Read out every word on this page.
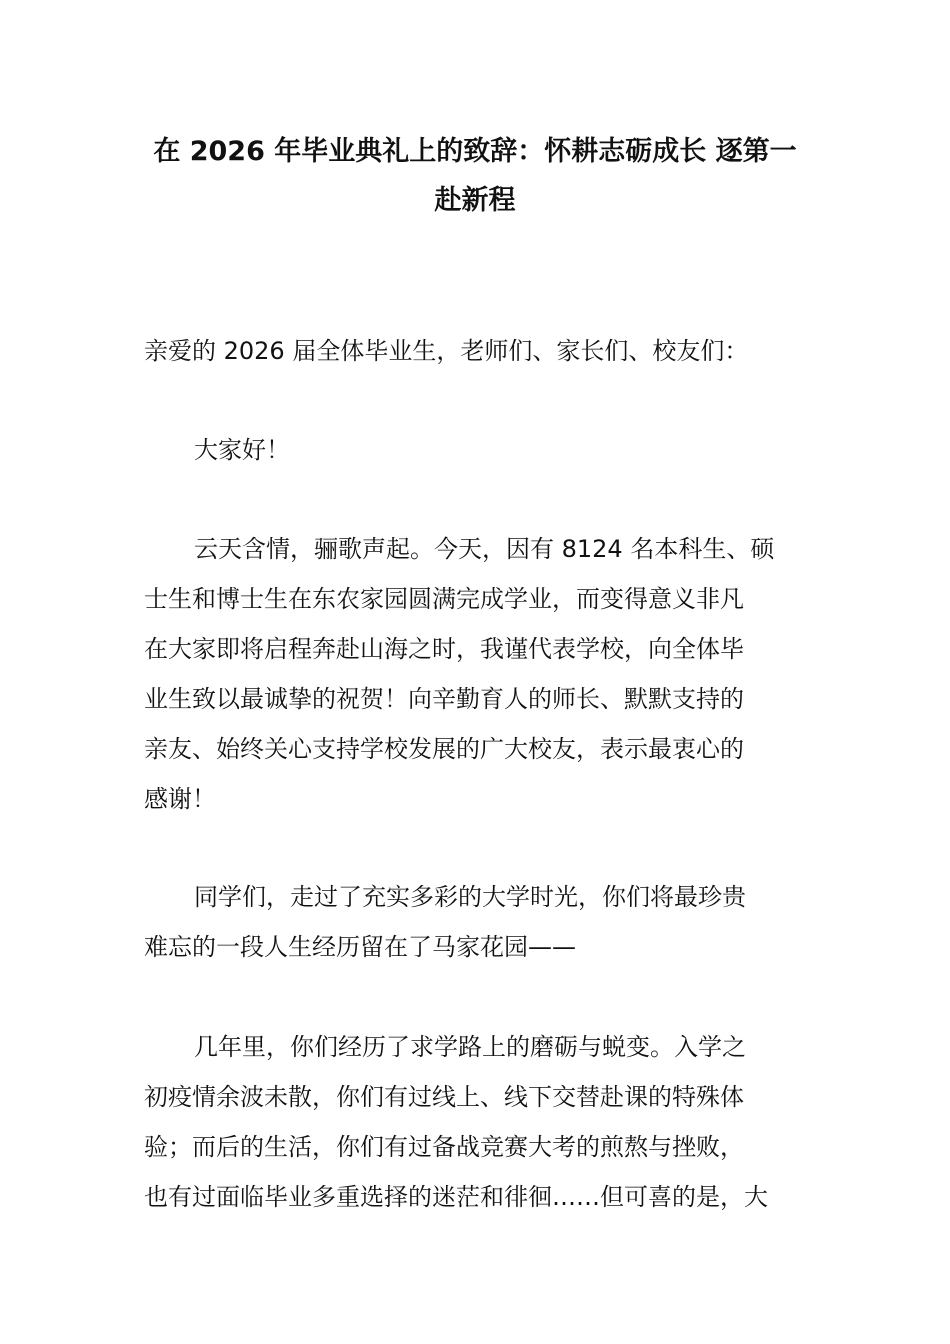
在 2026 年毕业典礼上的致辞：怀耕志砺成长 逐第一
赴新程
亲爱的 2026 届全体毕业生，老师们、家长们、校友们：
大家好！
云天含情，骊歌声起。今天，因有 8124 名本科生、硕
士生和博士生在东农家园圆满完成学业，而变得意义非凡
在大家即将启程奔赴山海之时，我谨代表学校，向全体毕
业生致以最诚挚的祝贺！向辛勤育人的师长、默默支持的
亲友、始终关心支持学校发展的广大校友，表示最衷心的
感谢！
同学们，走过了充实多彩的大学时光，你们将最珍贵
难忘的一段人生经历留在了马家花园——
几年里，你们经历了求学路上的磨砺与蜕变。入学之
初疫情余波未散，你们有过线上、线下交替赴课的特殊体
验；而后的生活，你们有过备战竞赛大考的煎熬与挫败，
也有过面临毕业多重选择的迷茫和徘徊……但可喜的是，大
